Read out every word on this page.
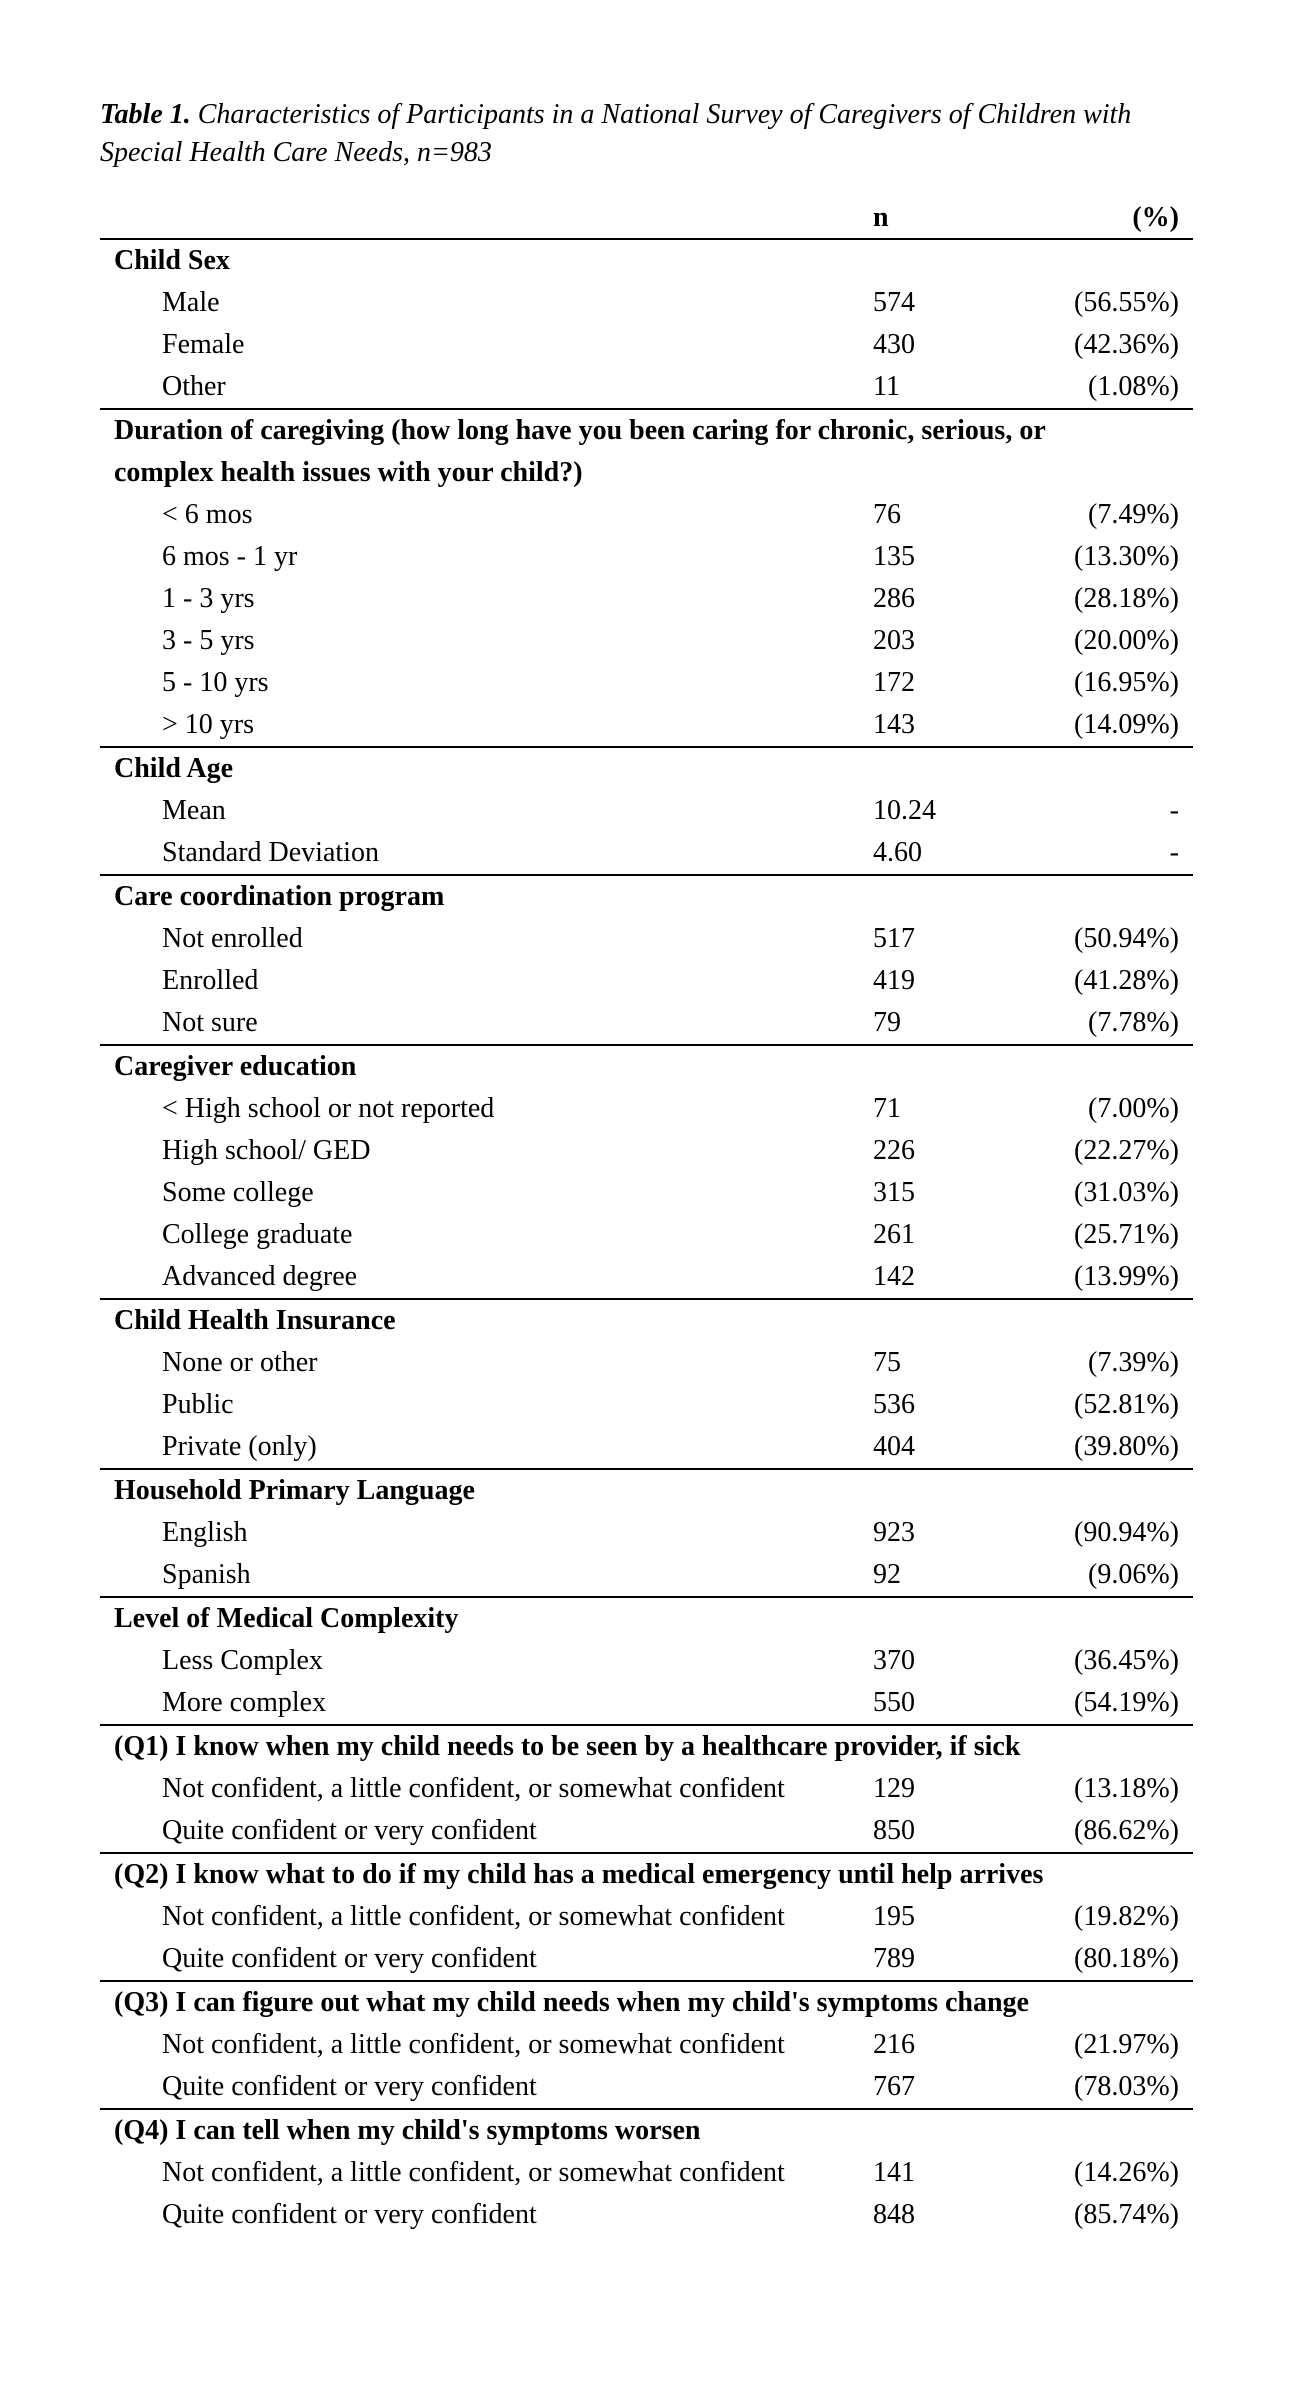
Table 1. Characteristics of Participants in a National Survey of Caregivers of Children with Special Health Care Needs, n=983
n	(%)
Child Sex
Male	574	(56.55%)
Female	430	(42.36%)
Other	11	(1.08%)
Duration of caregiving (how long have you been caring for chronic, serious, or complex health issues with your child?)
< 6 mos	76	(7.49%)
6 mos - 1 yr	135	(13.30%)
1 - 3 yrs	286	(28.18%)
3 - 5 yrs	203	(20.00%)
5 - 10 yrs	172	(16.95%)
> 10 yrs	143	(14.09%)
Child Age
Mean	10.24	-
Standard Deviation	4.60	-
Care coordination program
Not enrolled	517	(50.94%)
Enrolled	419	(41.28%)
Not sure	79	(7.78%)
Caregiver education
< High school or not reported	71	(7.00%)
High school/ GED	226	(22.27%)
Some college	315	(31.03%)
College graduate	261	(25.71%)
Advanced degree	142	(13.99%)
Child Health Insurance
None or other	75	(7.39%)
Public	536	(52.81%)
Private (only)	404	(39.80%)
Household Primary Language
English	923	(90.94%)
Spanish	92	(9.06%)
Level of Medical Complexity
Less Complex	370	(36.45%)
More complex	550	(54.19%)
(Q1) I know when my child needs to be seen by a healthcare provider, if sick
Not confident, a little confident, or somewhat confident	129	(13.18%)
Quite confident or very confident	850	(86.62%)
(Q2) I know what to do if my child has a medical emergency until help arrives
Not confident, a little confident, or somewhat confident	195	(19.82%)
Quite confident or very confident	789	(80.18%)
(Q3) I can figure out what my child needs when my child's symptoms change
Not confident, a little confident, or somewhat confident	216	(21.97%)
Quite confident or very confident	767	(78.03%)
(Q4) I can tell when my child's symptoms worsen
Not confident, a little confident, or somewhat confident	141	(14.26%)
Quite confident or very confident	848	(85.74%)
